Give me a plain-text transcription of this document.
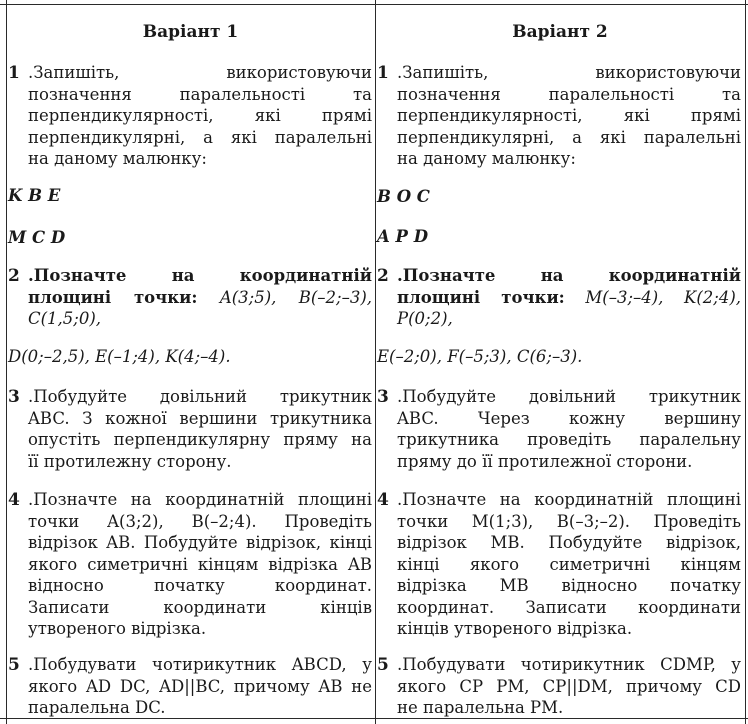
Варіант 1
1 .Запишіть, використовуючи
позначення паралельності та
перпендикулярності, які прямі
перпендикулярні, а які паралельні
на даному малюнку:
K B E
M C D
2 .Позначте на координатній
площині точки: A(3;5), B(–2;–3),
C(1,5;0),
D(0;–2,5), E(–1;4), K(4;–4).
3 .Побудуйте довільний трикутник
ABC. З кожної вершини трикутника
опустіть перпендикулярну пряму на
її протилежну сторону.
4 .Позначте на координатній площині
точки A(3;2), B(–2;4). Проведіть
відрізок AB. Побудуйте відрізок, кінці
якого симетричні кінцям відрізка AB
відносно початку координат.
Записати координати кінців
утвореного відрізка.
5 .Побудувати чотирикутник ABCD, у
якого AD DC, AD||BC, причому AB не
паралельна DC.
Варіант 2
1 .Запишіть, використовуючи
позначення паралельності та
перпендикулярності, які прямі
перпендикулярні, а які паралельні
на даному малюнку:
B O C
A P D
2 .Позначте на координатній
площині точки: M(–3;–4), K(2;4),
P(0;2),
E(–2;0), F(–5;3), C(6;–3).
3 .Побудуйте довільний трикутник
ABC. Через кожну вершину
трикутника проведіть паралельну
пряму до її протилежної сторони.
4 .Позначте на координатній площині
точки M(1;3), B(–3;–2). Проведіть
відрізок MB. Побудуйте відрізок,
кінці якого симетричні кінцям
відрізка MB відносно початку
координат. Записати координати
кінців утвореного відрізка.
5 .Побудувати чотирикутник CDMP, у
якого CP PM, CP||DM, причому CD
не паралельна PM.
